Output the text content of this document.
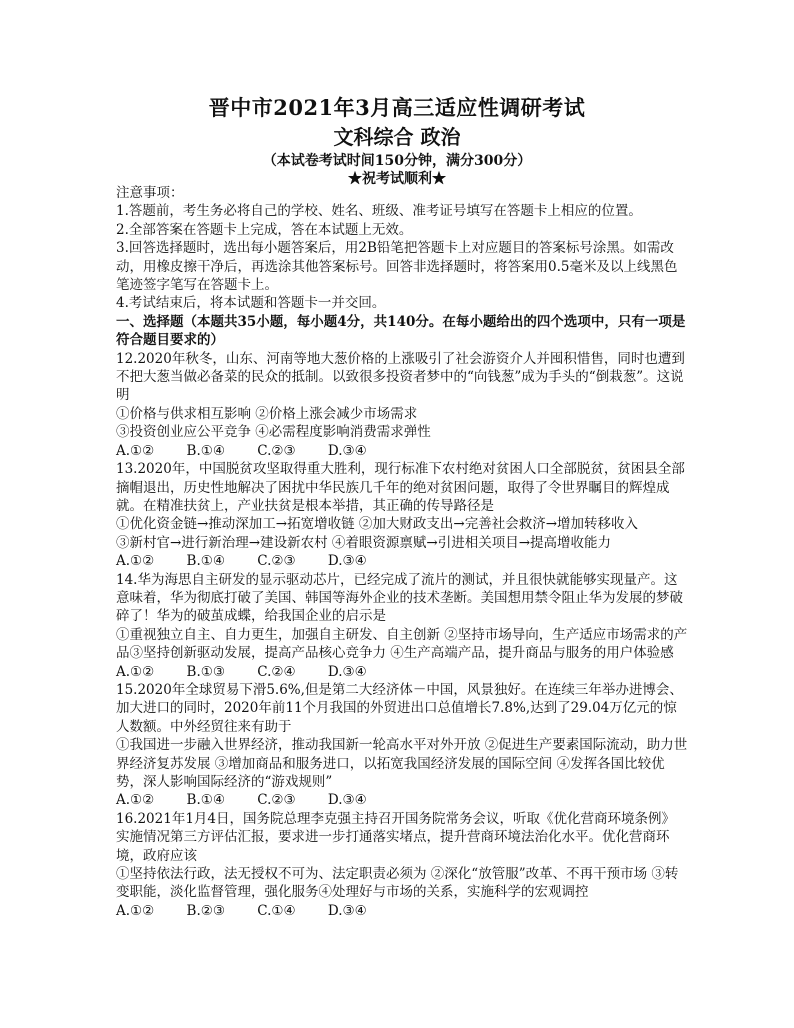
晋中市2021年3月高三适应性调研考试
文科综合 政治
（本试卷考试时间150分钟，满分300分）
★祝考试顺利★
注意事项：
1.答题前，考生务必将自己的学校、姓名、班级、准考证号填写在答题卡上相应的位置。
2.全部答案在答题卡上完成，答在本试题上无效。
3.回答选择题时，选出每小题答案后，用2B铅笔把答题卡上对应题目的答案标号涂黑。如需改动，用橡皮擦干净后，再选涂其他答案标号。回答非选择题时，将答案用0.5毫米及以上线黑色笔迹签字笔写在答题卡上。
4.考试结束后，将本试题和答题卡一并交回。
一、选择题（本题共35小题，每小题4分，共140分。在每小题给出的四个选项中，只有一项是符合题目要求的）
12.2020年秋冬，山东、河南等地大葱价格的上涨吸引了社会游资介人并囤积惜售，同时也遭到不把大葱当做必备菜的民众的抵制。以致很多投资者梦中的“向钱葱”成为手头的“倒栽葱”。这说明
①价格与供求相互影响 ②价格上涨会减少市场需求
③投资创业应公平竞争 ④必需程度影响消费需求弹性
A.①② B.①④ C.②③ D.③④
13.2020年，中国脱贫攻坚取得重大胜利，现行标准下农村绝对贫困人口全部脱贫，贫困县全部摘帽退出，历史性地解决了困扰中华民族几千年的绝对贫困问题，取得了令世界瞩目的辉煌成就。在精准扶贫上，产业扶贫是根本举措，其正确的传导路径是
①优化资金链→推动深加工→拓宽增收链 ②加大财政支出→完善社会救济→增加转移收入
③新村官→进行新治理→建设新农村 ④着眼资源禀赋→引进相关项目→提高增收能力
A.①② B.①④ C.②③ D.③④
14.华为海思自主研发的显示驱动芯片，已经完成了流片的测试，并且很快就能够实现量产。这意味着，华为彻底打破了美国、韩国等海外企业的技术垄断。美国想用禁令阻止华为发展的梦破碎了！华为的破茧成蝶，给我国企业的启示是
①重视独立自主、自力更生，加强自主研发、自主创新 ②坚持市场导向，生产适应市场需求的产品③坚持创新驱动发展，提高产品核心竞争力 ④生产高端产品，提升商品与服务的用户体验感
A.①② B.①③ C.②④ D.③④
15.2020年全球贸易下滑5.6%,但是第二大经济体－中国，风景独好。在连续三年举办进博会、加大进口的同时，2020年前11个月我国的外贸进出口总值增长7.8%,达到了29.04万亿元的惊人数额。中外经贸往来有助于
①我国进一步融入世界经济，推动我国新一轮高水平对外开放 ②促进生产要素国际流动，助力世界经济复苏发展 ③增加商品和服务进口，以拓宽我国经济发展的国际空间 ④发挥各国比较优势，深人影响国际经济的“游戏规则”
A.①② B.①④ C.②③ D.③④
16.2021年1月4日，国务院总理李克强主持召开国务院常务会议，听取《优化营商环境条例》实施情况第三方评估汇报，要求进一步打通落实堵点，提升营商环境法治化水平。优化营商环境，政府应该
①坚持依法行政，法无授权不可为、法定职责必须为 ②深化“放管服”改革、不再干预市场 ③转变职能，淡化监督管理，强化服务④处理好与市场的关系，实施科学的宏观调控
A.①② B.②③ C.①④ D.③④
